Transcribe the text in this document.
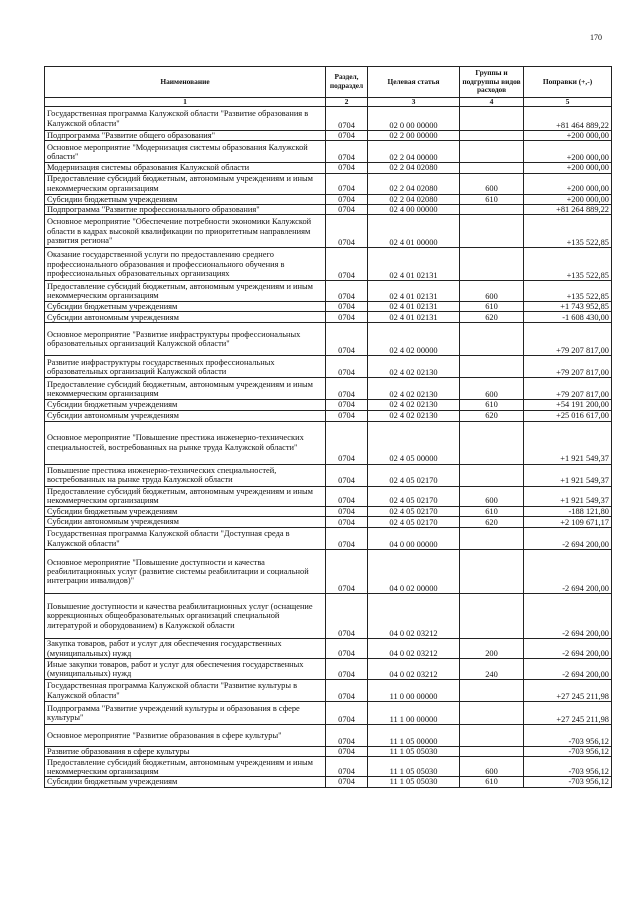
170
Наименование	Раздел, подраздел	Целевая статья	Группы и подгруппы видов расходов	Поправки (+,-)
1	2	3	4	5
Государственная программа Калужской области "Развитие образования в Калужской области"	0704	02 0 00 00000		+81 464 889,22
Подпрограмма "Развитие общего образования"	0704	02 2 00 00000		+200 000,00
Основное мероприятие "Модернизация системы образования Калужской области"	0704	02 2 04 00000		+200 000,00
Модернизация системы образования Калужской области	0704	02 2 04 02080		+200 000,00
Предоставление субсидий бюджетным, автономным учреждениям и иным некоммерческим организациям	0704	02 2 04 02080	600	+200 000,00
Субсидии бюджетным учреждениям	0704	02 2 04 02080	610	+200 000,00
Подпрограмма "Развитие профессионального образования"	0704	02 4 00 00000		+81 264 889,22
Основное мероприятие "Обеспечение потребности экономики Калужской области в кадрах высокой квалификации по приоритетным направлениям развития региона"	0704	02 4 01 00000		+135 522,85
Оказание государственной услуги по предоставлению среднего профессионального образования и профессионального обучения в профессиональных образовательных организациях	0704	02 4 01 02131		+135 522,85
Предоставление субсидий бюджетным, автономным учреждениям и иным некоммерческим организациям	0704	02 4 01 02131	600	+135 522,85
Субсидии бюджетным учреждениям	0704	02 4 01 02131	610	+1 743 952,85
Субсидии автономным учреждениям	0704	02 4 01 02131	620	-1 608 430,00
Основное мероприятие "Развитие инфраструктуры профессиональных образовательных организаций Калужской области"	0704	02 4 02 00000		+79 207 817,00
Развитие инфраструктуры государственных профессиональных образовательных организаций Калужской области	0704	02 4 02 02130		+79 207 817,00
Предоставление субсидий бюджетным, автономным учреждениям и иным некоммерческим организациям	0704	02 4 02 02130	600	+79 207 817,00
Субсидии бюджетным учреждениям	0704	02 4 02 02130	610	+54 191 200,00
Субсидии автономным учреждениям	0704	02 4 02 02130	620	+25 016 617,00
Основное мероприятие "Повышение престижа инженерно-технических специальностей, востребованных на рынке труда Калужской области"	0704	02 4 05 00000		+1 921 549,37
Повышение престижа инженерно-технических специальностей, востребованных на рынке труда Калужской области	0704	02 4 05 02170		+1 921 549,37
Предоставление субсидий бюджетным, автономным учреждениям и иным некоммерческим организациям	0704	02 4 05 02170	600	+1 921 549,37
Субсидии бюджетным учреждениям	0704	02 4 05 02170	610	-188 121,80
Субсидии автономным учреждениям	0704	02 4 05 02170	620	+2 109 671,17
Государственная программа Калужской области "Доступная среда в Калужской области"	0704	04 0 00 00000		-2 694 200,00
Основное мероприятие "Повышение доступности и качества реабилитационных услуг (развитие системы реабилитации и социальной интеграции инвалидов)"	0704	04 0 02 00000		-2 694 200,00
Повышение доступности и качества реабилитационных услуг (оснащение коррекционных общеобразовательных организаций специальной литературой и оборудованием) в Калужской области	0704	04 0 02 03212		-2 694 200,00
Закупка товаров, работ и услуг для обеспечения государственных (муниципальных) нужд	0704	04 0 02 03212	200	-2 694 200,00
Иные закупки товаров, работ и услуг для обеспечения государственных (муниципальных) нужд	0704	04 0 02 03212	240	-2 694 200,00
Государственная программа Калужской области "Развитие культуры в Калужской области"	0704	11 0 00 00000		+27 245 211,98
Подпрограмма "Развитие учреждений культуры и образования в сфере культуры"	0704	11 1 00 00000		+27 245 211,98
Основное мероприятие "Развитие образования в сфере культуры"	0704	11 1 05 00000		-703 956,12
Развитие образования в сфере культуры	0704	11 1 05 05030		-703 956,12
Предоставление субсидий бюджетным, автономным учреждениям и иным некоммерческим организациям	0704	11 1 05 05030	600	-703 956,12
Субсидии бюджетным учреждениям	0704	11 1 05 05030	610	-703 956,12
